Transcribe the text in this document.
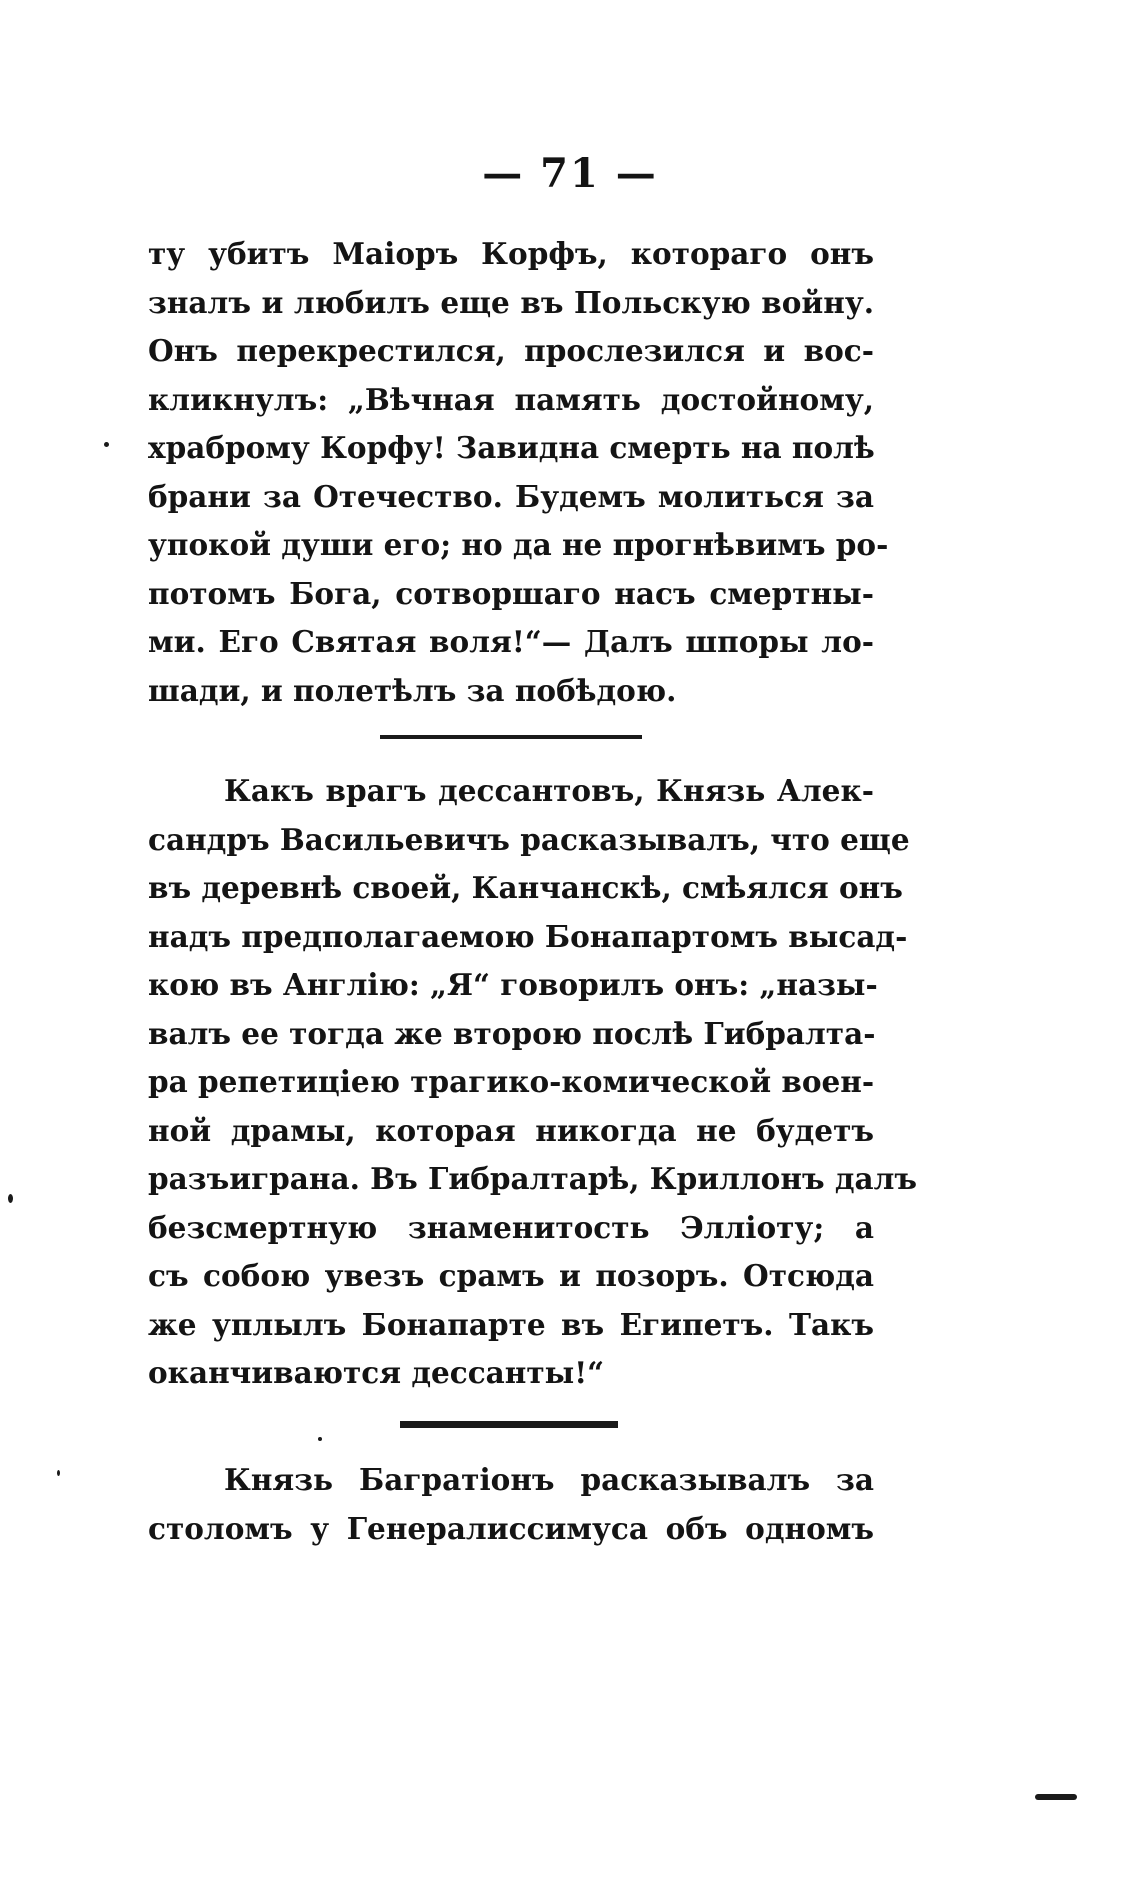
— 71 —
ту убитъ Маіоръ Корфъ, котораго онъ
зналъ и любилъ еще въ Польскую войну.
Онъ перекрестился, прослезился и вос-
кликнулъ: „Вѣчная память достойному,
храброму Корфу! Завидна смерть на полѣ
брани за Отечество. Будемъ молиться за
упокой души его; но да не прогнѣвимъ ро-
потомъ Бога, сотворшаго насъ смертны-
ми. Его Святая воля!“— Далъ шпоры ло-
шади, и полетѣлъ за побѣдою.
Какъ врагъ дессантовъ, Князь Алек-
сандръ Васильевичъ расказывалъ, что еще
въ деревнѣ своей, Канчанскѣ, смѣялся онъ
надъ предполагаемою Бонапартомъ высад-
кою въ Англію: „Я“ говорилъ онъ: „назы-
валъ ее тогда же второю послѣ Гибралта-
ра репетиціею трагико-комической воен-
ной драмы, которая никогда не будетъ
разъиграна. Въ Гибралтарѣ, Криллонъ далъ
безсмертную знаменитость Элліоту; а
съ собою увезъ срамъ и позоръ. Отсюда
же уплылъ Бонапарте въ Египетъ. Такъ
оканчиваются дессанты!“
Князь Багратіонъ расказывалъ за
столомъ у Генералиссимуса объ одномъ
